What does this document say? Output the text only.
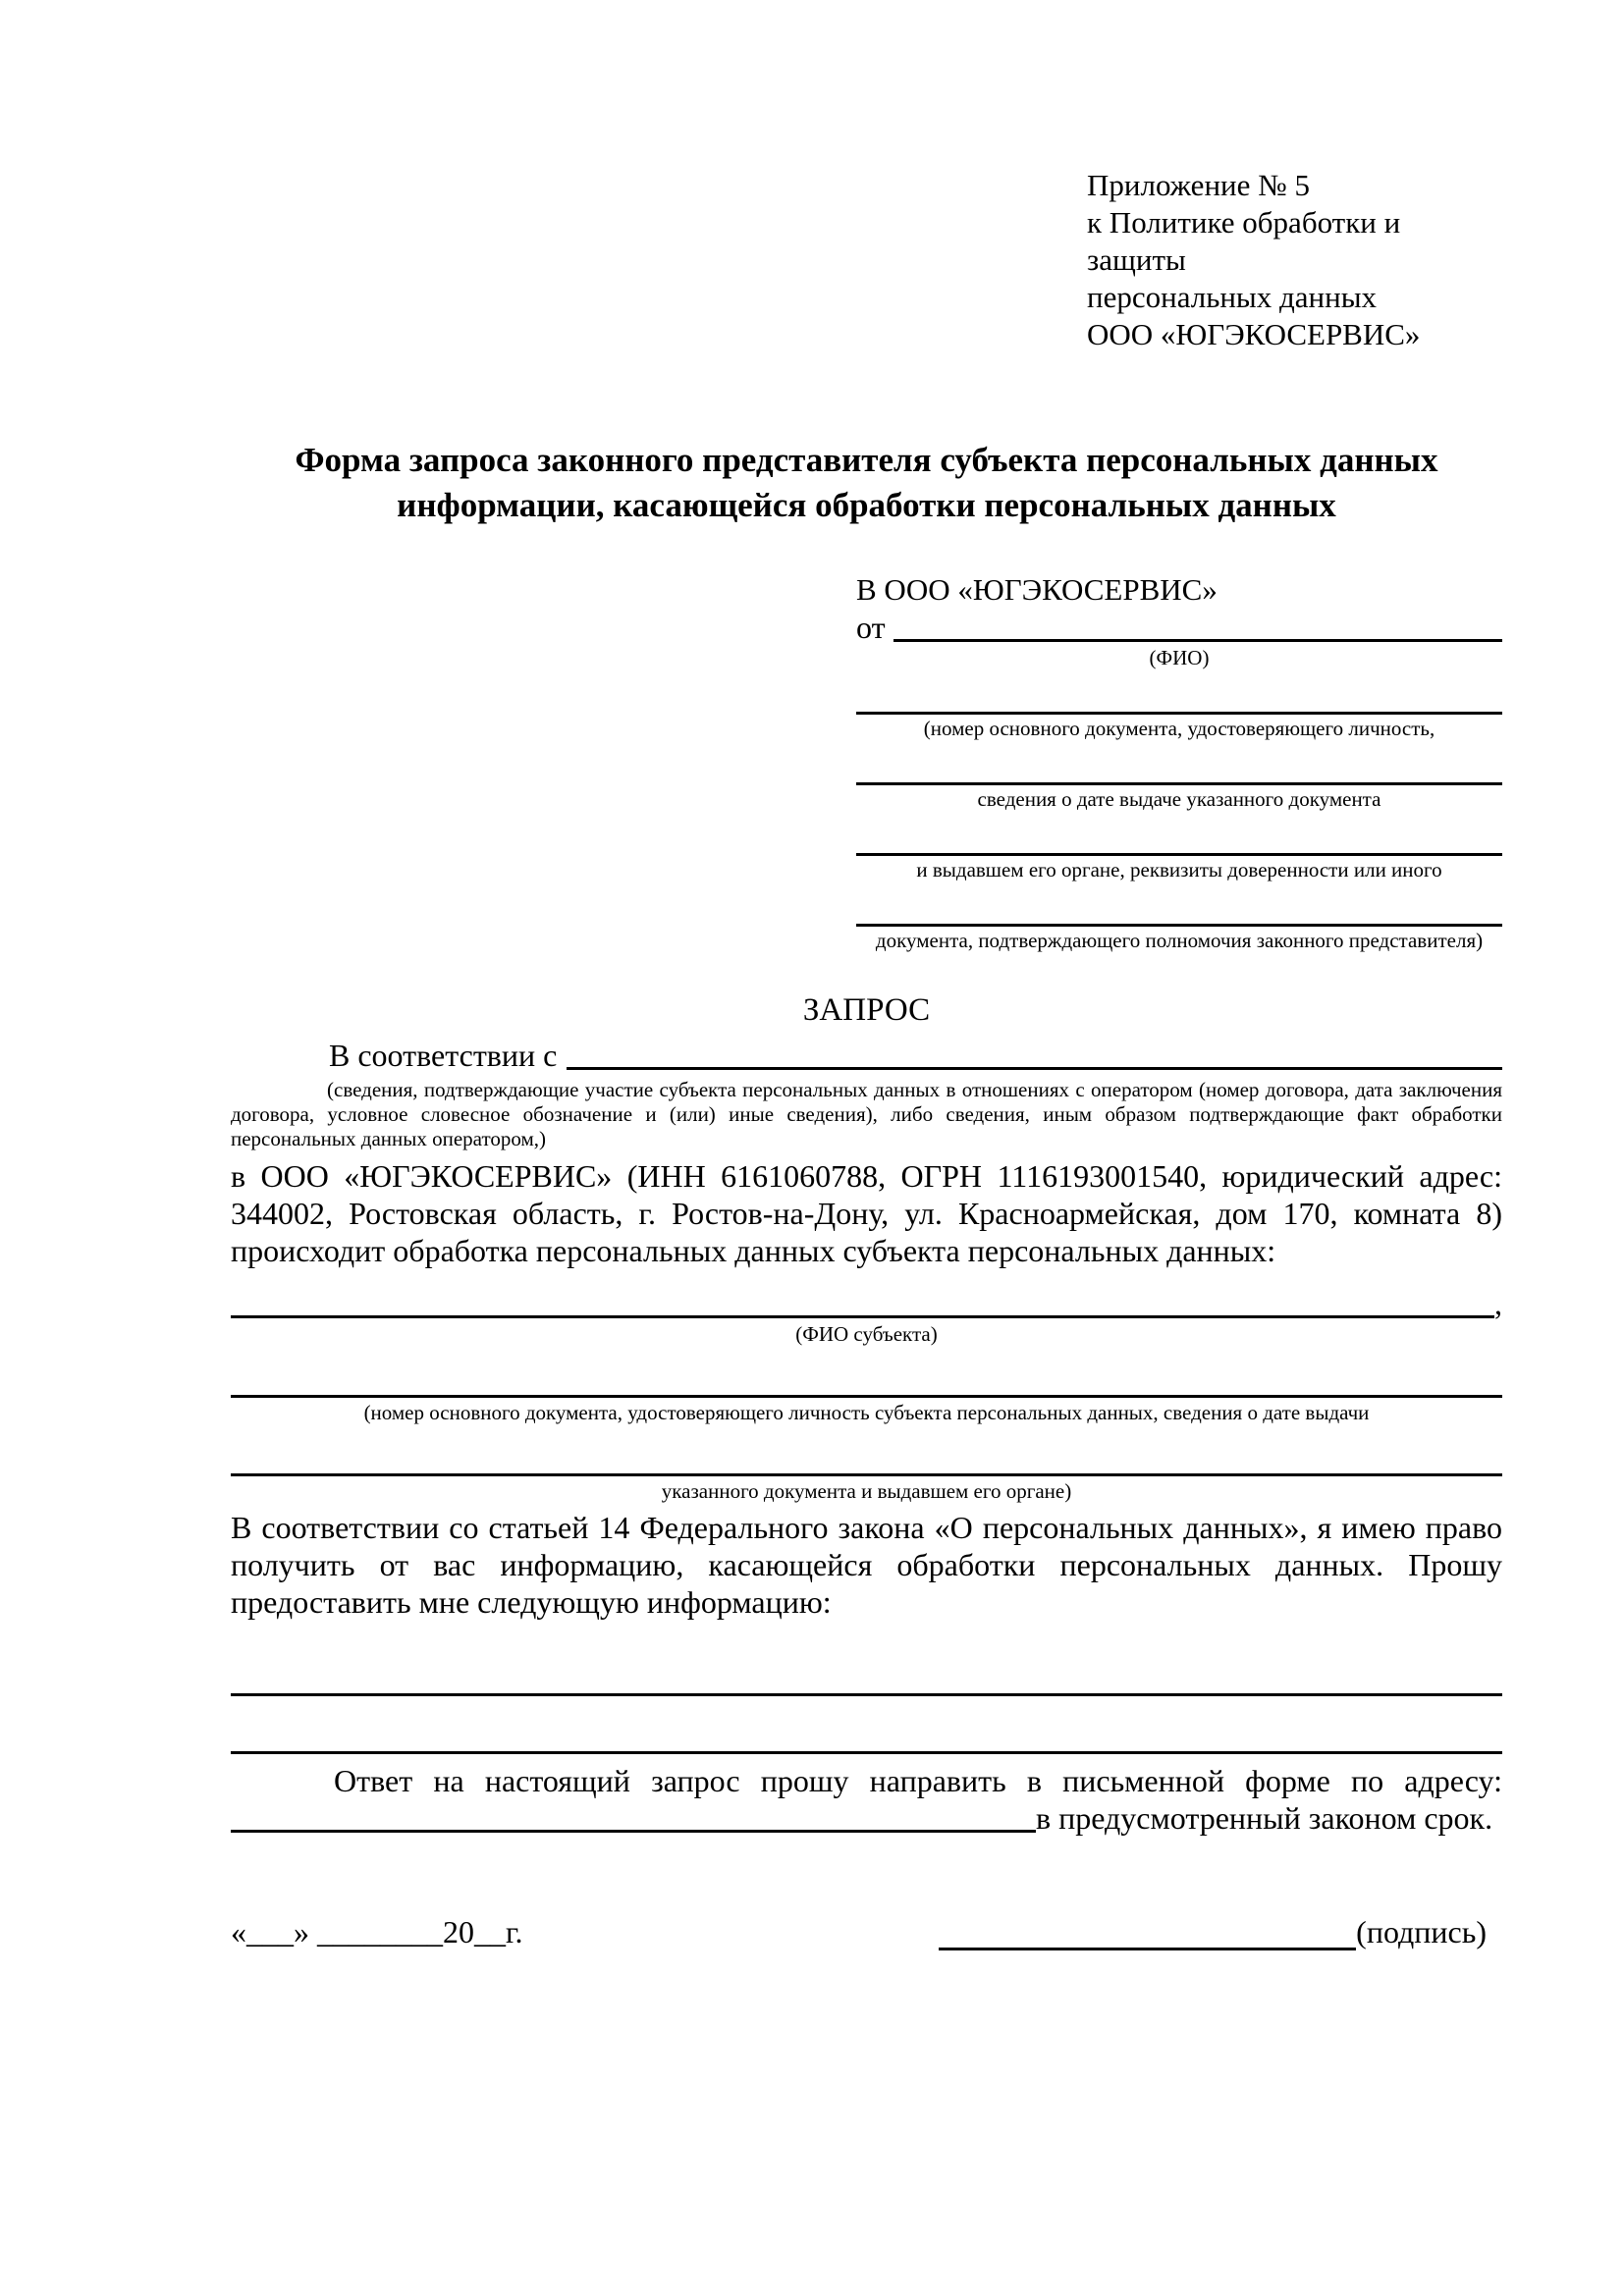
Приложение № 5
к Политике обработки и защиты
персональных данных
ООО «ЮГЭКОСЕРВИС»
Форма запроса законного представителя субъекта персональных данных информации, касающейся обработки персональных данных
В ООО «ЮГЭКОСЕРВИС»
от
(ФИО)
(номер основного документа, удостоверяющего личность,
сведения о дате выдаче указанного документа
и выдавшем его органе, реквизиты доверенности или иного
документа, подтверждающего полномочия законного представителя)
ЗАПРОС
В соответствии с
(сведения, подтверждающие участие субъекта персональных данных в отношениях с оператором (номер договора, дата заключения договора, условное словесное обозначение и (или) иные сведения), либо сведения, иным образом подтверждающие факт обработки персональных данных оператором,)
в ООО «ЮГЭКОСЕРВИС» (ИНН 6161060788, ОГРН 1116193001540, юридический адрес: 344002, Ростовская область, г. Ростов-на-Дону, ул. Красноармейская, дом 170, комната 8) происходит обработка персональных данных субъекта персональных данных:
,
(ФИО субъекта)
(номер основного документа, удостоверяющего личность субъекта персональных данных, сведения о дате выдачи
указанного документа и выдавшем его органе)
В соответствии со статьей 14 Федерального закона «О персональных данных», я имею право получить от вас информацию, касающейся обработки персональных данных. Прошу предоставить мне следующую информацию:
Ответ на настоящий запрос прошу направить в письменной форме по адресу:
в предусмотренный законом срок.
«___» ________20__г.	(подпись)
